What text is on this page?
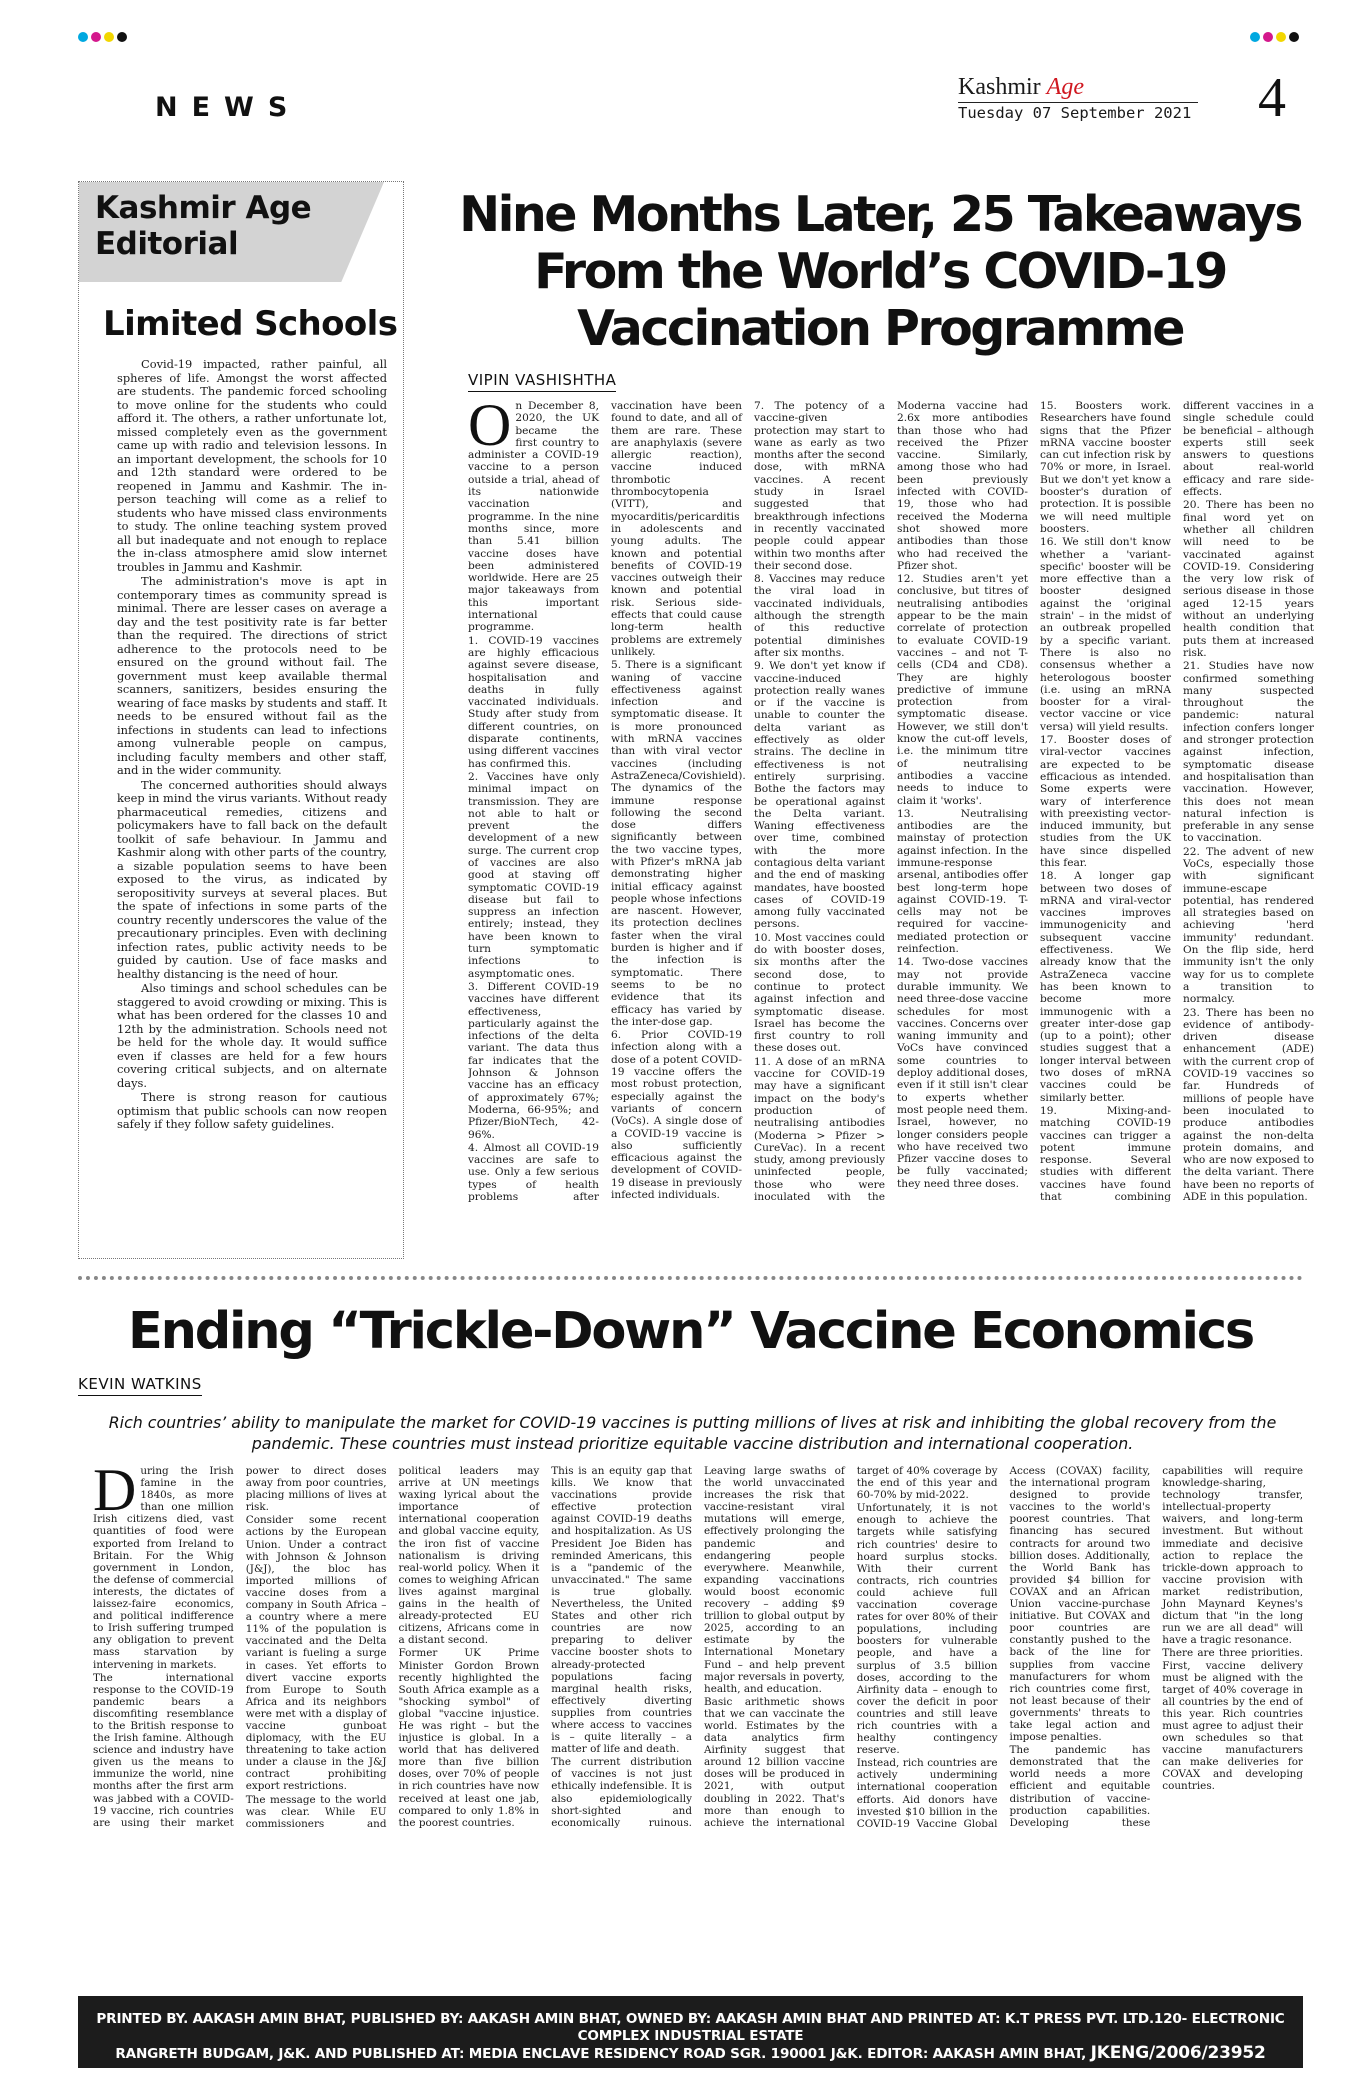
NEWS
Kashmir Age
Tuesday 07 September 2021 4
Kashmir Age
Editorial
Limited Schools

Covid-19 impacted, rather painful, all spheres of life. Amongst the worst affected are students. The pandemic forced schooling to move online for the students who could afford it. The others, a rather unfortunate lot, missed completely even as the government came up with radio and television lessons. In an important development, the schools for 10 and 12th standard were ordered to be reopened in Jammu and Kashmir. The in-person teaching will come as a relief to students who have missed class environments to study. The online teaching system proved all but inadequate and not enough to replace the in-class atmosphere amid slow internet troubles in Jammu and Kashmir.

The administration's move is apt in contemporary times as community spread is minimal. There are lesser cases on average a day and the test positivity rate is far better than the required. The directions of strict adherence to the protocols need to be ensured on the ground without fail. The government must keep available thermal scanners, sanitizers, besides ensuring the wearing of face masks by students and staff. It needs to be ensured without fail as the infections in students can lead to infections among vulnerable people on campus, including faculty members and other staff, and in the wider community.

The concerned authorities should always keep in mind the virus variants. Without ready pharmaceutical remedies, citizens and policymakers have to fall back on the default toolkit of safe behaviour. In Jammu and Kashmir along with other parts of the country, a sizable population seems to have been exposed to the virus, as indicated by seropositivity surveys at several places. But the spate of infections in some parts of the country recently underscores the value of the precautionary principles. Even with declining infection rates, public activity needs to be guided by caution. Use of face masks and healthy distancing is the need of hour.

Also timings and school schedules can be staggered to avoid crowding or mixing. This is what has been ordered for the classes 10 and 12th by the administration. Schools need not be held for the whole day. It would suffice even if classes are held for a few hours covering critical subjects, and on alternate days.

There is strong reason for cautious optimism that public schools can now reopen safely if they follow safety guidelines.

Nine Months Later, 25 Takeaways From the World’s COVID-19 Vaccination Programme
VIPIN VASHISHTHA

On December 8, 2020, the UK became the first country to administer a COVID-19 vaccine to a person outside a trial, ahead of its nationwide vaccination programme. In the nine months since, more than 5.41 billion vaccine doses have been administered worldwide. Here are 25 major takeaways from this important international programme.

1. COVID-19 vaccines are highly efficacious against severe disease, hospitalisation and deaths in fully vaccinated individuals. Study after study from different countries, on disparate continents, using different vaccines has confirmed this.

2. Vaccines have only minimal impact on transmission. They are not able to halt or prevent the development of a new surge. The current crop of vaccines are also good at staving off symptomatic COVID-19 disease but fail to suppress an infection entirely; instead, they have been known to turn symptomatic infections to asymptomatic ones.

3. Different COVID-19 vaccines have different effectiveness, particularly against the infections of the delta variant. The data thus far indicates that the Johnson & Johnson vaccine has an efficacy of approximately 67%; Moderna, 66-95%; and Pfizer/BioNTech, 42-96%.

4. Almost all COVID-19 vaccines are safe to use. Only a few serious types of health problems after vaccination have been found to date, and all of them are rare. These are anaphylaxis (severe allergic reaction), vaccine induced thrombotic thrombocytopenia (VITT), and myocarditis/pericarditis in adolescents and young adults. The known and potential benefits of COVID-19 vaccines outweigh their known and potential risk. Serious side-effects that could cause long-term health problems are extremely unlikely.

5. There is a significant waning of vaccine effectiveness against infection and symptomatic disease. It is more pronounced with mRNA vaccines than with viral vector vaccines (including AstraZeneca/Covishield). The dynamics of the immune response following the second dose differs significantly between the two vaccine types, with Pfizer's mRNA jab demonstrating higher initial efficacy against people whose infections are nascent. However, its protection declines faster when the viral burden is higher and if the infection is symptomatic. There seems to be no evidence that its efficacy has varied by the inter-dose gap.

6. Prior COVID-19 infection along with a dose of a potent COVID-19 vaccine offers the most robust protection, especially against the variants of concern (VoCs). A single dose of a COVID-19 vaccine is also sufficiently efficacious against the development of COVID-19 disease in previously infected individuals.

7. The potency of a vaccine-given protection may start to wane as early as two months after the second dose, with mRNA vaccines. A recent study in Israel suggested that breakthrough infections in recently vaccinated people could appear within two months after their second dose.

8. Vaccines may reduce the viral load in vaccinated individuals, although the strength of this reductive potential diminishes after six months.

9. We don't yet know if vaccine-induced protection really wanes or if the vaccine is unable to counter the delta variant as effectively as older strains. The decline in effectiveness is not entirely surprising. Bothe the factors may be operational against the Delta variant. Waning effectiveness over time, combined with the more contagious delta variant and the end of masking mandates, have boosted cases of COVID-19 among fully vaccinated persons.

10. Most vaccines could do with booster doses, six months after the second dose, to continue to protect against infection and symptomatic disease. Israel has become the first country to roll these doses out.

11. A dose of an mRNA vaccine for COVID-19 may have a significant impact on the body's production of neutralising antibodies (Moderna > Pfizer > CureVac). In a recent study, among previously uninfected people, those who were inoculated with the Moderna vaccine had 2.6x more antibodies than those who had received the Pfizer vaccine. Similarly, among those who had been previously infected with COVID-19, those who had received the Moderna shot showed more antibodies than those who had received the Pfizer shot.

12. Studies aren't yet conclusive, but titres of neutralising antibodies appear to be the main correlate of protection to evaluate COVID-19 vaccines – and not T-cells (CD4 and CD8). They are highly predictive of immune protection from symptomatic disease. However, we still don't know the cut-off levels, i.e. the minimum titre of neutralising antibodies a vaccine needs to induce to claim it 'works'.

13. Neutralising antibodies are the mainstay of protection against infection. In the immune-response arsenal, antibodies offer best long-term hope against COVID-19. T-cells may not be required for vaccine-mediated protection or reinfection.

14. Two-dose vaccines may not provide durable immunity. We need three-dose vaccine schedules for most vaccines. Concerns over waning immunity and VoCs have convinced some countries to deploy additional doses, even if it still isn't clear to experts whether most people need them. Israel, however, no longer considers people who have received two Pfizer vaccine doses to be fully vaccinated; they need three doses.

15. Boosters work. Researchers have found signs that the Pfizer mRNA vaccine booster can cut infection risk by 70% or more, in Israel. But we don't yet know a booster's duration of protection. It is possible we will need multiple boosters.

16. We still don't know whether a 'variant-specific' booster will be more effective than a booster designed against the 'original strain' – in the midst of an outbreak propelled by a specific variant. There is also no consensus whether a heterologous booster (i.e. using an mRNA booster for a viral-vector vaccine or vice versa) will yield results.

17. Booster doses of viral-vector vaccines are expected to be efficacious as intended. Some experts were wary of interference with preexisting vector-induced immunity, but studies from the UK have since dispelled this fear.

18. A longer gap between two doses of mRNA and viral-vector vaccines improves immunogenicity and subsequent vaccine effectiveness. We already know that the AstraZeneca vaccine has been known to become more immunogenic with a greater inter-dose gap (up to a point); other studies suggest that a longer interval between two doses of mRNA vaccines could be similarly better.

19. Mixing-and-matching COVID-19 vaccines can trigger a potent immune response. Several studies with different vaccines have found that combining different vaccines in a single schedule could be beneficial – although experts still seek answers to questions about real-world efficacy and rare side-effects.

20. There has been no final word yet on whether all children will need to be vaccinated against COVID-19. Considering the very low risk of serious disease in those aged 12-15 years without an underlying health condition that puts them at increased risk.

21. Studies have now confirmed something many suspected throughout the pandemic: natural infection confers longer and stronger protection against infection, symptomatic disease and hospitalisation than vaccination. However, this does not mean natural infection is preferable in any sense to vaccination.

22. The advent of new VoCs, especially those with significant immune-escape potential, has rendered all strategies based on achieving 'herd immunity' redundant. On the flip side, herd immunity isn't the only way for us to complete a transition to normalcy.

23. There has been no evidence of antibody-driven disease enhancement (ADE) with the current crop of COVID-19 vaccines so far. Hundreds of millions of people have been inoculated to produce antibodies against the non-delta protein domains, and who are now exposed to the delta variant. There have been no reports of ADE in this population.

Ending “Trickle-Down” Vaccine Economics
KEVIN WATKINS
Rich countries’ ability to manipulate the market for COVID-19 vaccines is putting millions of lives at risk and inhibiting the global recovery from the pandemic. These countries must instead prioritize equitable vaccine distribution and international cooperation.

During the Irish famine in the 1840s, as more than one million Irish citizens died, vast quantities of food were exported from Ireland to Britain. For the Whig government in London, the defense of commercial interests, the dictates of laissez-faire economics, and political indifference to Irish suffering trumped any obligation to prevent mass starvation by intervening in markets.

The international response to the COVID-19 pandemic bears a discomfiting resemblance to the British response to the Irish famine. Although science and industry have given us the means to immunize the world, nine months after the first arm was jabbed with a COVID-19 vaccine, rich countries are using their market power to direct doses away from poor countries, placing millions of lives at risk.

Consider some recent actions by the European Union. Under a contract with Johnson & Johnson (J&J), the bloc has imported millions of vaccine doses from a company in South Africa – a country where a mere 11% of the population is vaccinated and the Delta variant is fueling a surge in cases. Yet efforts to divert vaccine exports from Europe to South Africa and its neighbors were met with a display of vaccine gunboat diplomacy, with the EU threatening to take action under a clause in the J&J contract prohibiting export restrictions.

The message to the world was clear. While EU commissioners and political leaders may arrive at UN meetings waxing lyrical about the importance of international cooperation and global vaccine equity, the iron fist of vaccine nationalism is driving real-world policy. When it comes to weighing African lives against marginal gains in the health of already-protected EU citizens, Africans come in a distant second.

Former UK Prime Minister Gordon Brown recently highlighted the South Africa example as a "shocking symbol" of global "vaccine injustice. He was right – but the injustice is global. In a world that has delivered more than five billion doses, over 70% of people in rich countries have now received at least one jab, compared to only 1.8% in the poorest countries.

This is an equity gap that kills. We know that vaccinations provide effective protection against COVID-19 deaths and hospitalization. As US President Joe Biden has reminded Americans, this is a "pandemic of the unvaccinated." The same is true globally. Nevertheless, the United States and other rich countries are now preparing to deliver vaccine booster shots to already-protected populations facing marginal health risks, effectively diverting supplies from countries where access to vaccines is – quite literally – a matter of life and death.

The current distribution of vaccines is not just ethically indefensible. It is also epidemiologically short-sighted and economically ruinous. Leaving large swaths of the world unvaccinated increases the risk that vaccine-resistant viral mutations will emerge, effectively prolonging the pandemic and endangering people everywhere. Meanwhile, expanding vaccinations would boost economic recovery – adding $9 trillion to global output by 2025, according to an estimate by the International Monetary Fund – and help prevent major reversals in poverty, health, and education.

Basic arithmetic shows that we can vaccinate the world. Estimates by the data analytics firm Airfinity suggest that around 12 billion vaccine doses will be produced in 2021, with output doubling in 2022. That's more than enough to achieve the international target of 40% coverage by the end of this year and 60-70% by mid-2022.

Unfortunately, it is not enough to achieve the targets while satisfying rich countries' desire to hoard surplus stocks. With their current contracts, rich countries could achieve full vaccination coverage rates for over 80% of their populations, including boosters for vulnerable people, and have a surplus of 3.5 billion doses, according to the Airfinity data – enough to cover the deficit in poor countries and still leave rich countries with a healthy contingency reserve.

Instead, rich countries are actively undermining international cooperation efforts. Aid donors have invested $10 billion in the COVID-19 Vaccine Global Access (COVAX) facility, the international program designed to provide vaccines to the world's poorest countries. That financing has secured contracts for around two billion doses. Additionally, the World Bank has provided $4 billion for COVAX and an African Union vaccine-purchase initiative. But COVAX and poor countries are constantly pushed to the back of the line for supplies from vaccine manufacturers for whom rich countries come first, not least because of their governments' threats to take legal action and impose penalties.

The pandemic has demonstrated that the world needs a more efficient and equitable distribution of vaccine-production capabilities. Developing these capabilities will require knowledge-sharing, technology transfer, intellectual-property waivers, and long-term investment. But without immediate and decisive action to replace the trickle-down approach to vaccine provision with market redistribution, John Maynard Keynes's dictum that "in the long run we are all dead" will have a tragic resonance.

There are three priorities. First, vaccine delivery must be aligned with the target of 40% coverage in all countries by the end of this year. Rich countries must agree to adjust their own schedules so that vaccine manufacturers can make deliveries for COVAX and developing countries.

PRINTED BY. AAKASH AMIN BHAT, PUBLISHED BY: AAKASH AMIN BHAT, OWNED BY: AAKASH AMIN BHAT AND PRINTED AT: K.T PRESS PVT. LTD.120- ELECTRONIC COMPLEX INDUSTRIAL ESTATE
RANGRETH BUDGAM, J&K. AND PUBLISHED AT: MEDIA ENCLAVE RESIDENCY ROAD SGR. 190001 J&K. EDITOR: AAKASH AMIN BHAT, JKENG/2006/23952
